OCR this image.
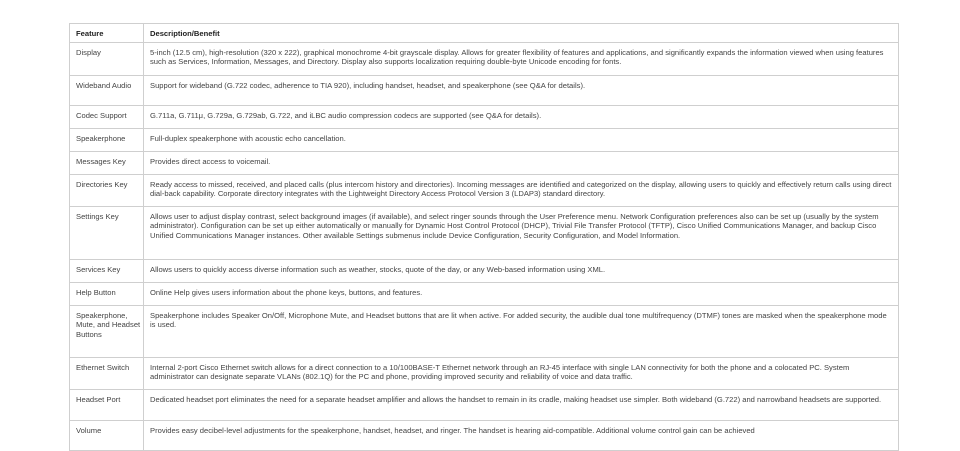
Feature	Description/Benefit
Display	5-inch (12.5 cm), high-resolution (320 x 222), graphical monochrome 4-bit grayscale display. Allows for greater flexibility of features and applications, and significantly expands the information viewed when using features such as Services, Information, Messages, and Directory. Display also supports localization requiring double-byte Unicode encoding for fonts.
Wideband Audio	Support for wideband (G.722 codec, adherence to TIA 920), including handset, headset, and speakerphone (see Q&A for details).
Codec Support	G.711a, G.711μ, G.729a, G.729ab, G.722, and iLBC audio compression codecs are supported (see Q&A for details).
Speakerphone	Full-duplex speakerphone with acoustic echo cancellation.
Messages Key	Provides direct access to voicemail.
Directories Key	Ready access to missed, received, and placed calls (plus intercom history and directories). Incoming messages are identified and categorized on the display, allowing users to quickly and effectively return calls using direct dial-back capability. Corporate directory integrates with the Lightweight Directory Access Protocol Version 3 (LDAP3) standard directory.
Settings Key	Allows user to adjust display contrast, select background images (if available), and select ringer sounds through the User Preference menu. Network Configuration preferences also can be set up (usually by the system administrator). Configuration can be set up either automatically or manually for Dynamic Host Control Protocol (DHCP), Trivial File Transfer Protocol (TFTP), Cisco Unified Communications Manager, and backup Cisco Unified Communications Manager instances. Other available Settings submenus include Device Configuration, Security Configuration, and Model Information.
Services Key	Allows users to quickly access diverse information such as weather, stocks, quote of the day, or any Web-based information using XML.
Help Button	Online Help gives users information about the phone keys, buttons, and features.
Speakerphone, Mute, and Headset Buttons	Speakerphone includes Speaker On/Off, Microphone Mute, and Headset buttons that are lit when active. For added security, the audible dual tone multifrequency (DTMF) tones are masked when the speakerphone mode is used.
Ethernet Switch	Internal 2-port Cisco Ethernet switch allows for a direct connection to a 10/100BASE-T Ethernet network through an RJ-45 interface with single LAN connectivity for both the phone and a colocated PC. System administrator can designate separate VLANs (802.1Q) for the PC and phone, providing improved security and reliability of voice and data traffic.
Headset Port	Dedicated headset port eliminates the need for a separate headset amplifier and allows the handset to remain in its cradle, making headset use simpler. Both wideband (G.722) and narrowband headsets are supported.
Volume	Provides easy decibel-level adjustments for the speakerphone, handset, headset, and ringer. The handset is hearing aid-compatible. Additional volume control gain can be achieved
